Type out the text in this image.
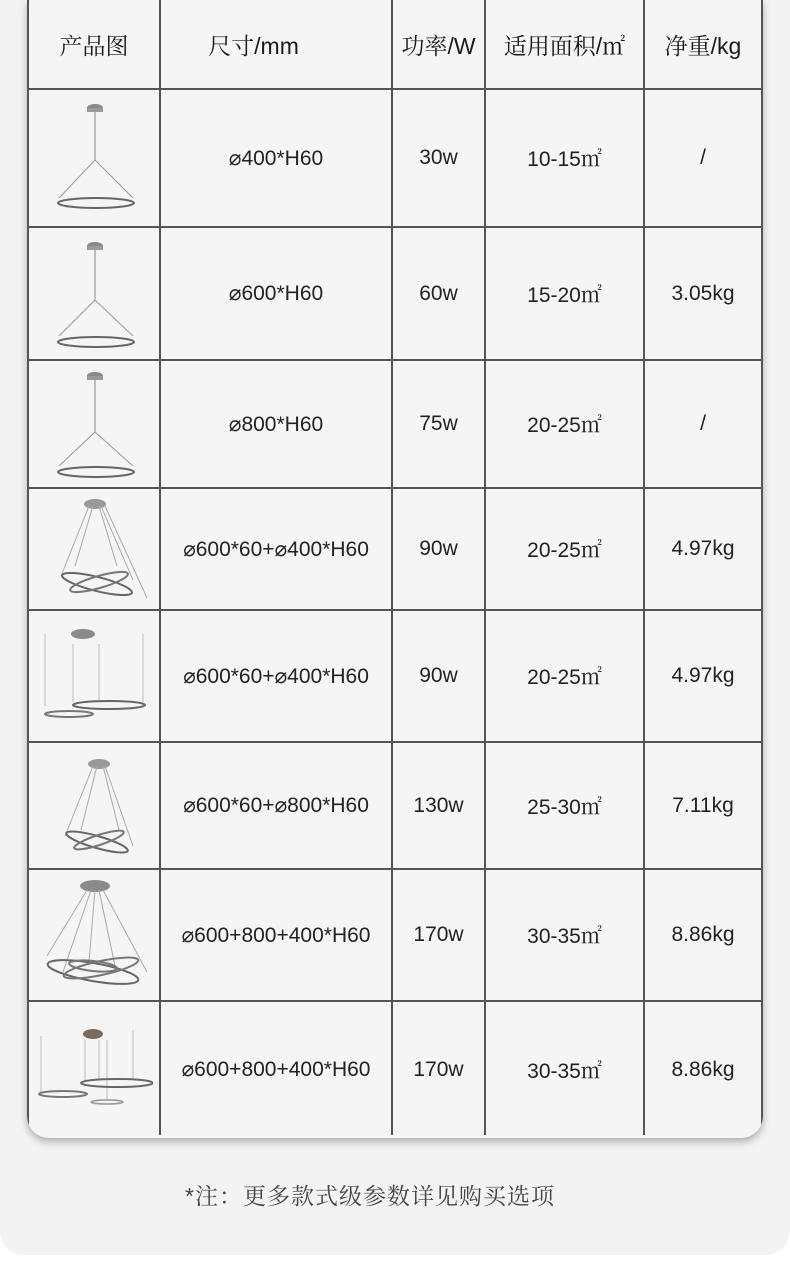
产品图	尺寸/mm	功率/W	适用面积/㎡	净重/kg
⌀400*H60	30w	10-15㎡	/
⌀600*H60	60w	15-20㎡	3.05kg
⌀800*H60	75w	20-25㎡	/
⌀600*60+⌀400*H60	90w	20-25㎡	4.97kg
⌀600*60+⌀400*H60	90w	20-25㎡	4.97kg
⌀600*60+⌀800*H60	130w	25-30㎡	7.11kg
⌀600+800+400*H60	170w	30-35㎡	8.86kg
⌀600+800+400*H60	170w	30-35㎡	8.86kg
*注：更多款式级参数详见购买选项
